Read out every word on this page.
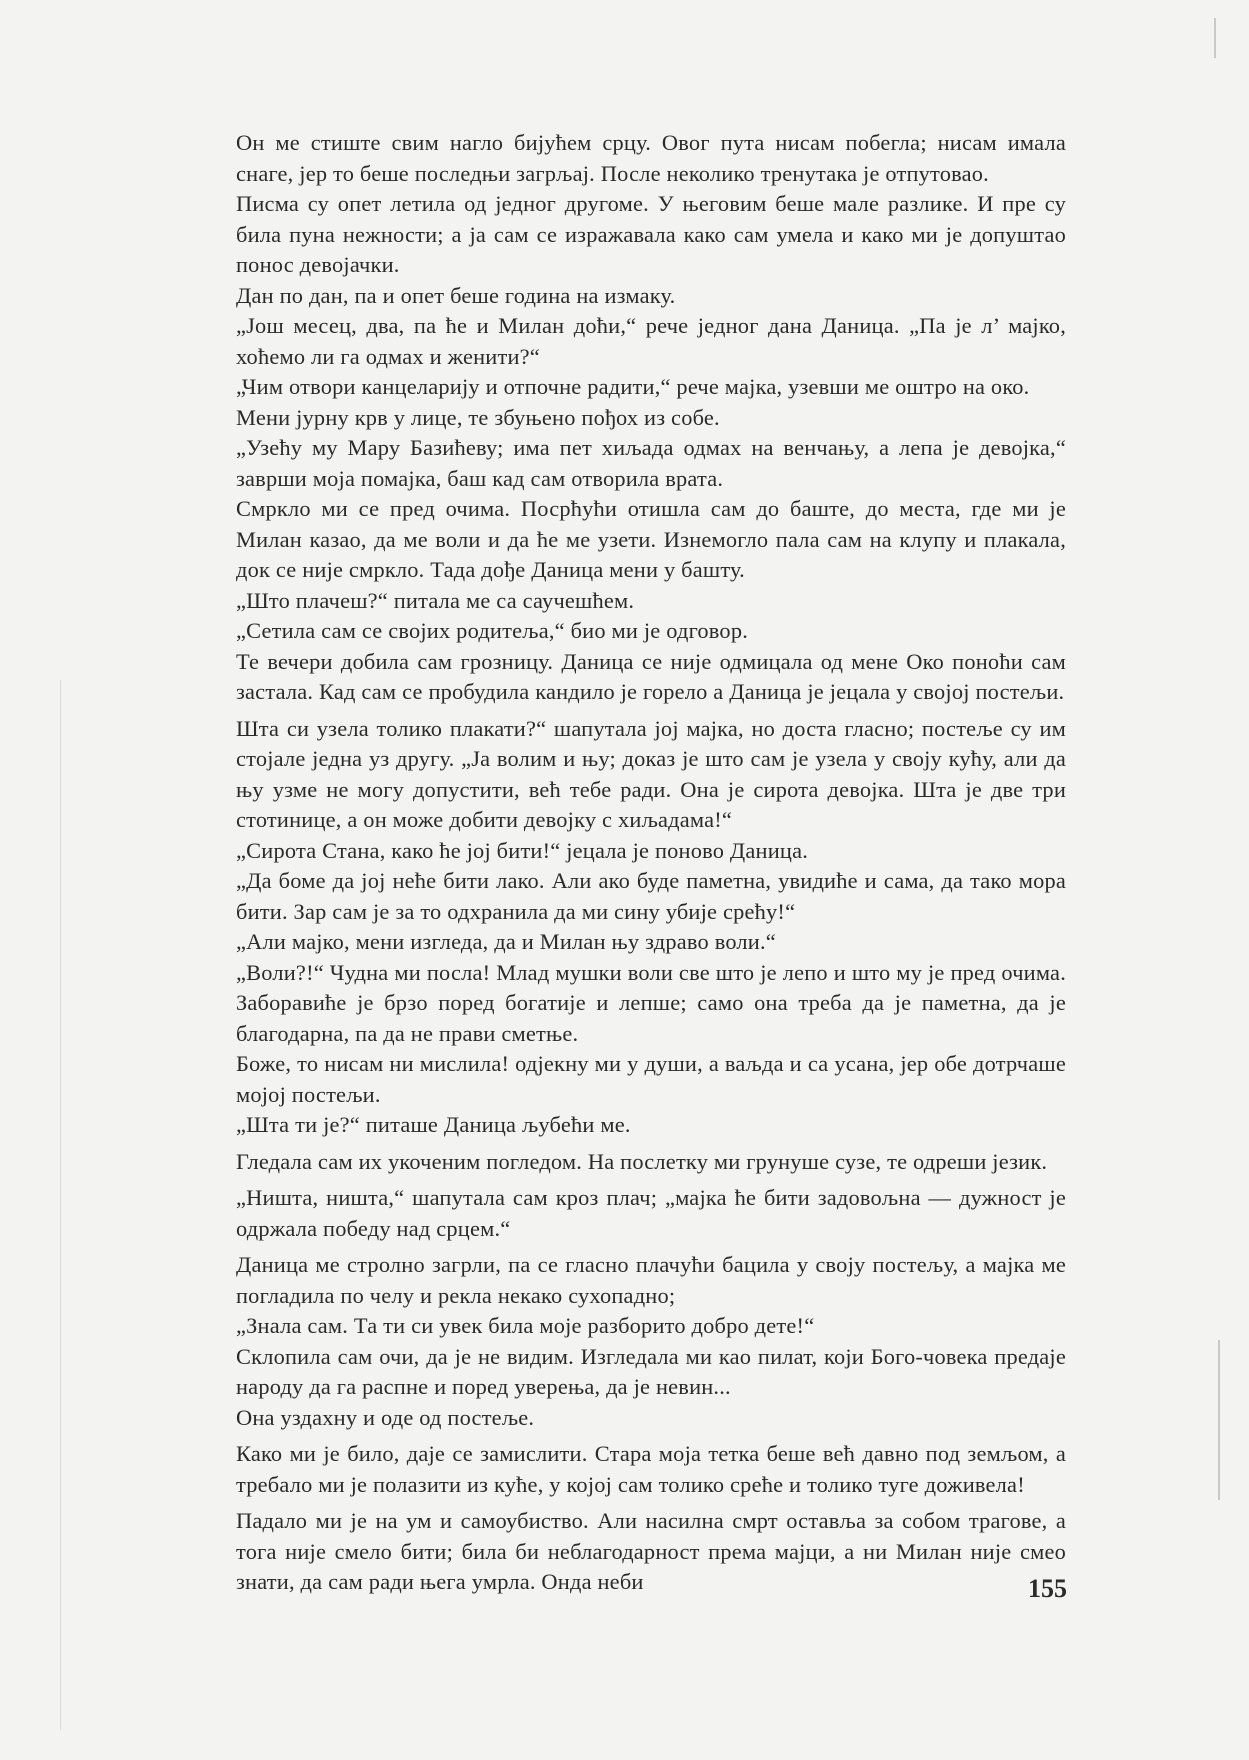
Он ме стиште свим нагло бијућем срцу. Овог пута нисам побегла; нисам имала снаге, јер то беше последњи загрљај. После неколико тренутака је отпутовао.

Писма су опет летила од једног другоме. У његовим беше мале разлике. И пре су била пуна нежности; а ја сам се изражавала како сам умела и како ми је допуштао понос девојачки.

Дан по дан, па и опет беше година на измаку.

„Још месец, два, па ће и Милан доћи,“ рече једног дана Даница. „Па је л’ мајко, хоћемо ли га одмах и женити?“

„Чим отвори канцеларију и отпочне радити,“ рече мајка, узевши ме оштро на око.

Мени јурну крв у лице, те збуњено пођох из собе.

„Узећу му Мару Базићеву; има пет хиљада одмах на венчању, а лепа је девојка,“ заврши моја помајка, баш кад сам отворила врата.

Смркло ми се пред очима. Посрћући отишла сам до баште, до места, где ми је Милан казао, да ме воли и да ће ме узети. Изнемогло пала сам на клупу и плакала, док се није смркло. Тада дође Даница мени у башту.

„Што плачеш?“ питала ме са саучешћем.

„Сетила сам се својих родитеља,“ био ми је одговор.

Те вечери добила сам грозницу. Даница се није одмицала од мене Око поноћи сам застала. Кад сам се пробудила кандило је горело а Даница је јецала у својој постељи.

Шта си узела толико плакати?“ шапутала јој мајка, но доста гласно; постеље су им стојале једна уз другу. „Ја волим и њу; доказ је што сам је узела у своју кућу, али да њу узме не могу допустити, већ тебе ради. Она је сирота девојка. Шта је две три стотинице, а он може добити девојку с хиљадама!“

„Сирота Стана, како ће јој бити!“ јецала је поново Даница.

„Да боме да јој неће бити лако. Али ако буде паметна, увидиће и сама, да тако мора бити. Зар сам је за то одхранила да ми сину убије срећу!“

„Али мајко, мени изгледа, да и Милан њу здраво воли.“

„Воли?!“ Чудна ми посла! Млад мушки воли све што је лепо и што му је пред очима. Заборавиће је брзо поред богатије и лепше; само она треба да је паметна, да је благодарна, па да не прави сметње.

Боже, то нисам ни мислила! одјекну ми у души, а ваљда и са усана, јер обе дотрчаше мојој постељи.

„Шта ти је?“ питаше Даница љубећи ме.

Гледала сам их укоченим погледом. На послетку ми грунуше сузе, те одреши језик.

„Ништа, ништа,“ шапутала сам кроз плач; „мајка ће бити задовољна — дужност је одржала победу над срцем.“

Даница ме стролно загрли, па се гласно плачући бацила у своју постељу, а мајка ме погладила по челу и рекла некако сухопадно;

„Знала сам. Та ти си увек била моје разборито добро дете!“

Склопила сам очи, да је не видим. Изгледала ми као пилат, који Бого-човека предаје народу да га распне и поред уверења, да је невин...

Она уздахну и оде од постеље.

Како ми је било, даје се замислити. Стара моја тетка беше већ давно под земљом, а требало ми је полазити из куће, у којој сам толико среће и толико туге доживела!

Падало ми је на ум и самоубиство. Али насилна смрт оставља за собом трагове, а тога није смело бити; била би неблагодарност према мајци, а ни Милан није смео знати, да сам ради њега умрла. Онда неби	155
